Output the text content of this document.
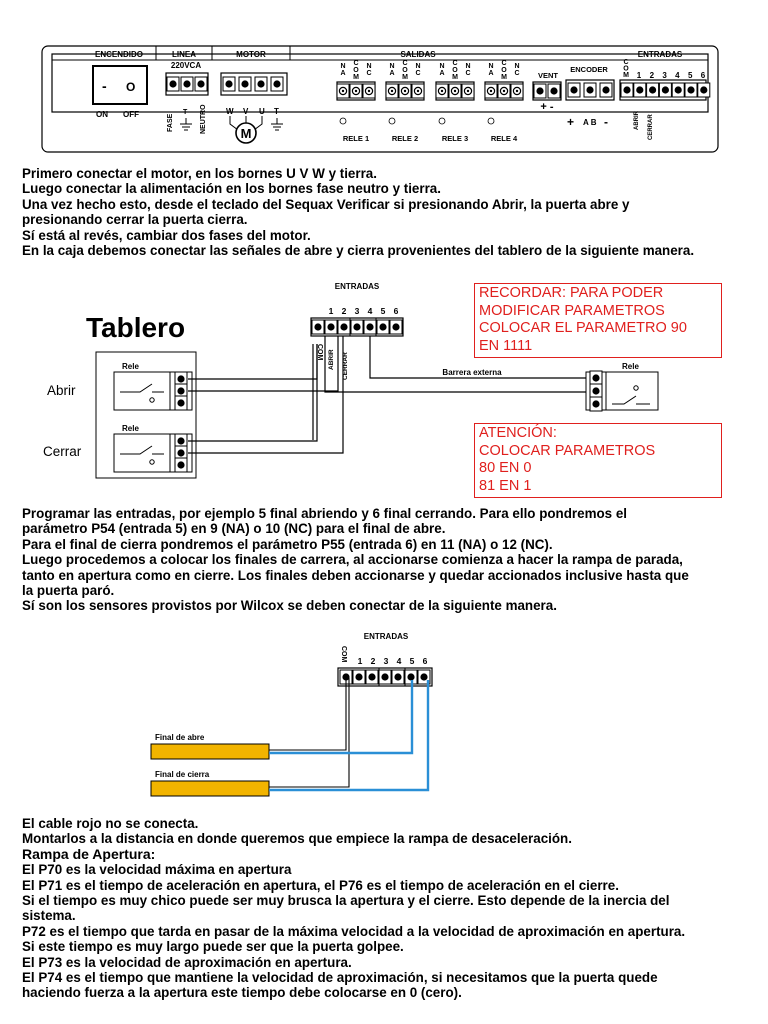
ENCENDIDO	LINEA	MOTOR	SALIDAS	ENTRADAS
- O
ON OFF
220VCA
FASE
T NEUTRO W V U T
M
N
A
C
O
M
N
C
RELE 1
N
A
C
O
M
N
C
RELE 2
N
A
C
O
M
N
C
RELE 3
N
A
C
O
M
N
C
RELE 4
VENT
+ -
ENCODER
+ A B -
C
O
M 1 2 3 4 5 6
ABRIR CERRAR
Primero conectar el motor, en los bornes U V W y tierra.
Luego conectar la alimentación en los bornes fase neutro y tierra.
Una vez hecho esto, desde el teclado del Sequax Verificar si presionando Abrir, la puerta abre y
presionando cerrar la puerta cierra.
Sí está al revés, cambiar dos fases del motor.
En la caja debemos conectar las señales de abre y cierra provenientes del tablero de la siguiente manera.
ENTRADAS
1 2 3 4 5 6
COM ABRIR CERRAR
Rele
Rele
Barrera externa
Rele
Tablero
Abrir
Cerrar
RECORDAR: PARA PODER
MODIFICAR PARAMETROS
COLOCAR EL PARAMETRO 90
EN 1111
ATENCIÓN:
COLOCAR PARAMETROS
80 EN 0
81 EN 1
Programar las entradas, por ejemplo 5 final abriendo y 6 final cerrando. Para ello pondremos el
parámetro P54 (entrada 5) en 9 (NA) o 10 (NC) para el final de abre.
Para el final de cierra pondremos el parámetro P55 (entrada 6) en 11 (NA) o 12 (NC).
Luego procedemos a colocar los finales de carrera, al accionarse comienza a hacer la rampa de parada,
tanto en apertura como en cierre. Los finales deben accionarse y quedar accionados inclusive hasta que
la puerta paró.
Sí son los sensores provistos por Wilcox se deben conectar de la siguiente manera.
ENTRADAS
COM 1 2 3 4 5 6
Final de abre
Final de cierra
El cable rojo no se conecta.
Montarlos a la distancia en donde queremos que empiece la rampa de desaceleración.
Rampa de Apertura:
El P70 es la velocidad máxima en apertura
El P71 es el tiempo de aceleración en apertura, el P76 es el tiempo de aceleración en el cierre.
Si el tiempo es muy chico puede ser muy brusca la apertura y el cierre. Esto depende de la inercia del
sistema.
P72 es el tiempo que tarda en pasar de la máxima velocidad a la velocidad de aproximación en apertura.
Si este tiempo es muy largo puede ser que la puerta golpee.
El P73 es la velocidad de aproximación en apertura.
El P74 es el tiempo que mantiene la velocidad de aproximación, si necesitamos que la puerta quede
haciendo fuerza a la apertura este tiempo debe colocarse en 0 (cero).
